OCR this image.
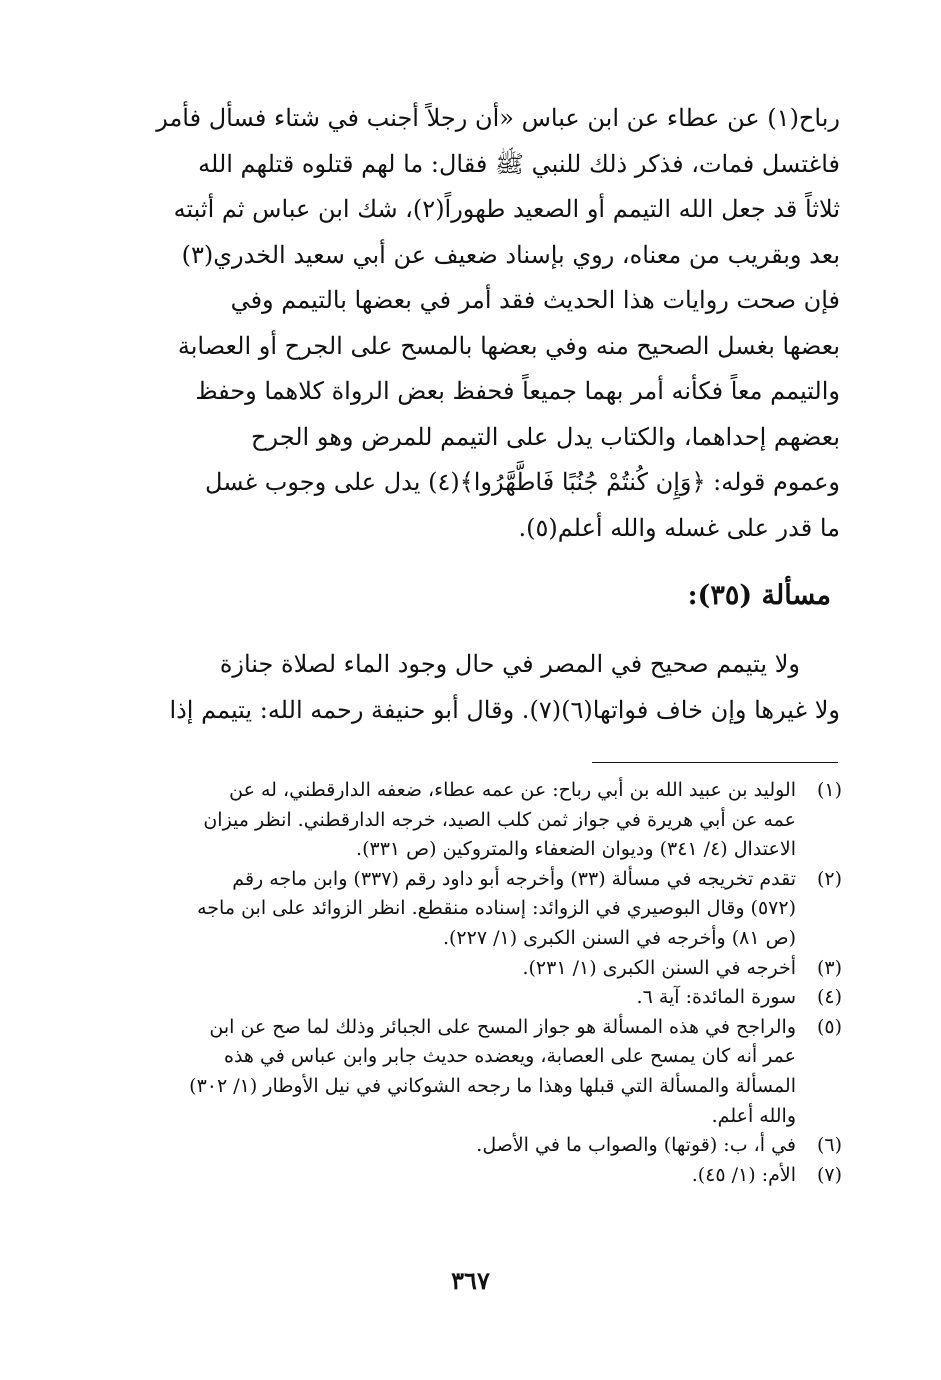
رباح(١) عن عطاء عن ابن عباس «أن رجلاً أجنب في شتاء فسأل فأمر
فاغتسل فمات، فذكر ذلك للنبي ﷺ فقال: ما لهم قتلوه قتلهم الله
ثلاثاً قد جعل الله التيمم أو الصعيد طهوراً(٢)، شك ابن عباس ثم أثبته
بعد وبقريب من معناه، روي بإسناد ضعيف عن أبي سعيد الخدري(٣)
فإن صحت روايات هذا الحديث فقد أمر في بعضها بالتيمم وفي
بعضها بغسل الصحيح منه وفي بعضها بالمسح على الجرح أو العصابة
والتيمم معاً فكأنه أمر بهما جميعاً فحفظ بعض الرواة كلاهما وحفظ
بعضهم إحداهما، والكتاب يدل على التيمم للمرض وهو الجرح
وعموم قوله: ﴿وَإِن كُنتُمْ جُنُبًا فَاطَّهَّرُوا﴾(٤) يدل على وجوب غسل
ما قدر على غسله والله أعلم(٥).
مسألة (٣٥):
ولا يتيمم صحيح في المصر في حال وجود الماء لصلاة جنازة
ولا غيرها وإن خاف فواتها(٦)(٧). وقال أبو حنيفة رحمه الله: يتيمم إذا
(١)
الوليد بن عبيد الله بن أبي رباح: عن عمه عطاء، ضعفه الدارقطني، له عن
عمه عن أبي هريرة في جواز ثمن كلب الصيد، خرجه الدارقطني. انظر ميزان
الاعتدال (٤/ ٣٤١) وديوان الضعفاء والمتروكين (ص ٣٣١).
(٢)
تقدم تخريجه في مسألة (٣٣) وأخرجه أبو داود رقم (٣٣٧) وابن ماجه رقم
(٥٧٢) وقال البوصيري في الزوائد: إسناده منقطع. انظر الزوائد على ابن ماجه
(ص ٨١) وأخرجه في السنن الكبرى (١/ ٢٢٧).
(٣)
أخرجه في السنن الكبرى (١/ ٢٣١).
(٤)
سورة المائدة: آية ٦.
(٥)
والراجح في هذه المسألة هو جواز المسح على الجبائر وذلك لما صح عن ابن
عمر أنه كان يمسح على العصابة، ويعضده حديث جابر وابن عباس في هذه
المسألة والمسألة التي قبلها وهذا ما رجحه الشوكاني في نيل الأوطار (١/ ٣٠٢)
والله أعلم.
(٦)
في أ، ب: (قوتها) والصواب ما في الأصل.
(٧)
الأم: (١/ ٤٥).
٣٦٧
